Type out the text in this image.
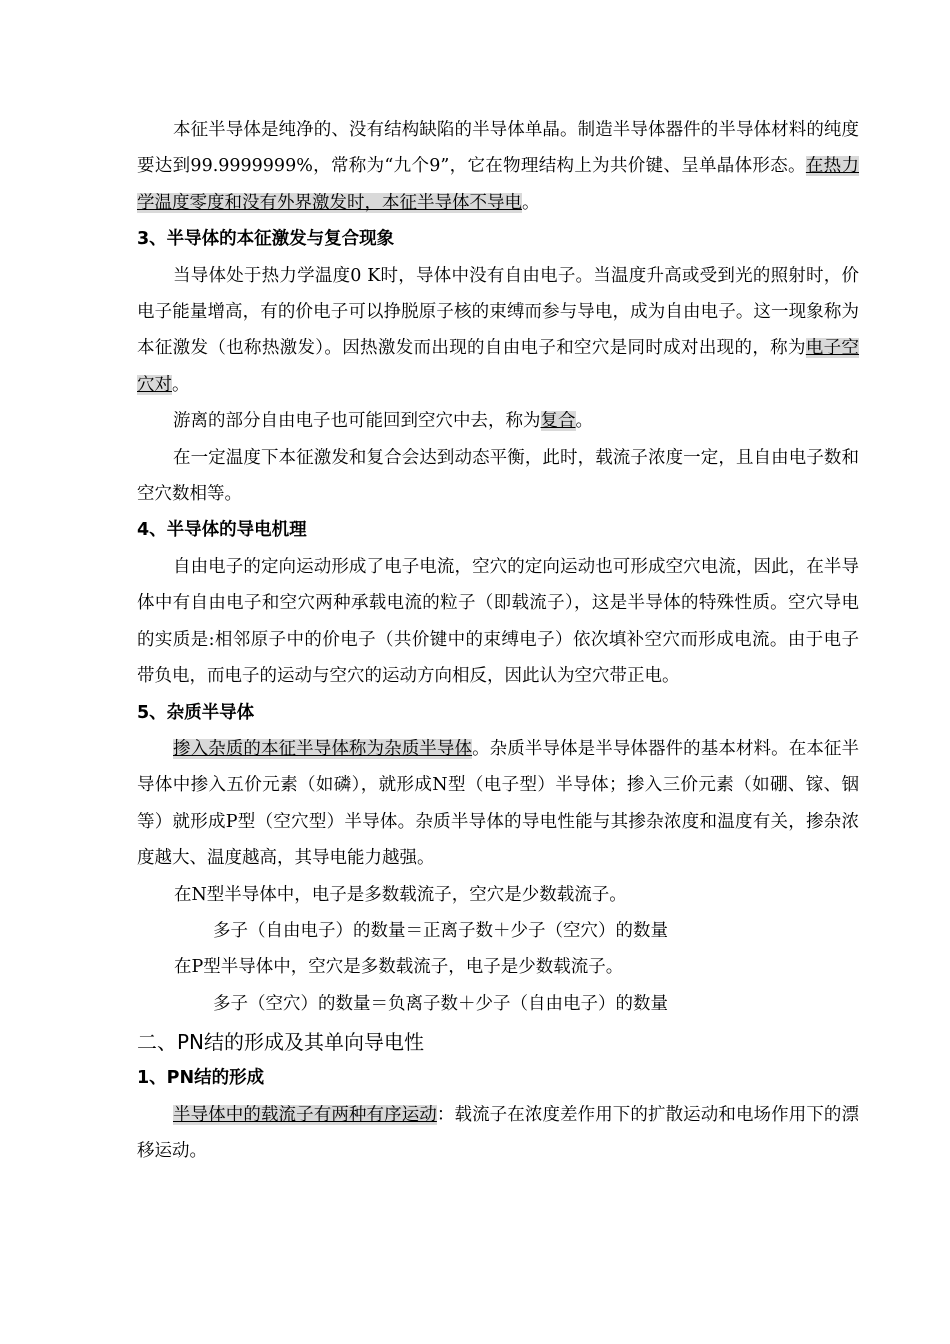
本征半导体是纯净的、没有结构缺陷的半导体单晶。制造半导体器件的半导体材料的纯度要达到99.9999999%，常称为“九个9”，它在物理结构上为共价键、呈单晶体形态。在热力学温度零度和没有外界激发时，本征半导体不导电。

3、半导体的本征激发与复合现象

当导体处于热力学温度0 K时，导体中没有自由电子。当温度升高或受到光的照射时，价电子能量增高，有的价电子可以挣脱原子核的束缚而参与导电，成为自由电子。这一现象称为本征激发（也称热激发）。因热激发而出现的自由电子和空穴是同时成对出现的，称为电子空穴对。

游离的部分自由电子也可能回到空穴中去，称为复合。

在一定温度下本征激发和复合会达到动态平衡，此时，载流子浓度一定，且自由电子数和空穴数相等。

4、半导体的导电机理

自由电子的定向运动形成了电子电流，空穴的定向运动也可形成空穴电流，因此，在半导体中有自由电子和空穴两种承载电流的粒子（即载流子），这是半导体的特殊性质。空穴导电的实质是:相邻原子中的价电子（共价键中的束缚电子）依次填补空穴而形成电流。由于电子带负电，而电子的运动与空穴的运动方向相反，因此认为空穴带正电。

5、杂质半导体

掺入杂质的本征半导体称为杂质半导体。杂质半导体是半导体器件的基本材料。在本征半导体中掺入五价元素（如磷），就形成N型（电子型）半导体；掺入三价元素（如硼、镓、铟等）就形成P型（空穴型）半导体。杂质半导体的导电性能与其掺杂浓度和温度有关，掺杂浓度越大、温度越高，其导电能力越强。

在N型半导体中，电子是多数载流子，空穴是少数载流子。

多子（自由电子）的数量＝正离子数＋少子（空穴）的数量

在P型半导体中，空穴是多数载流子，电子是少数载流子。

多子（空穴）的数量＝负离子数＋少子（自由电子）的数量

二、PN结的形成及其单向导电性
1、PN结的形成

半导体中的载流子有两种有序运动：载流子在浓度差作用下的扩散运动和电场作用下的漂移运动。
